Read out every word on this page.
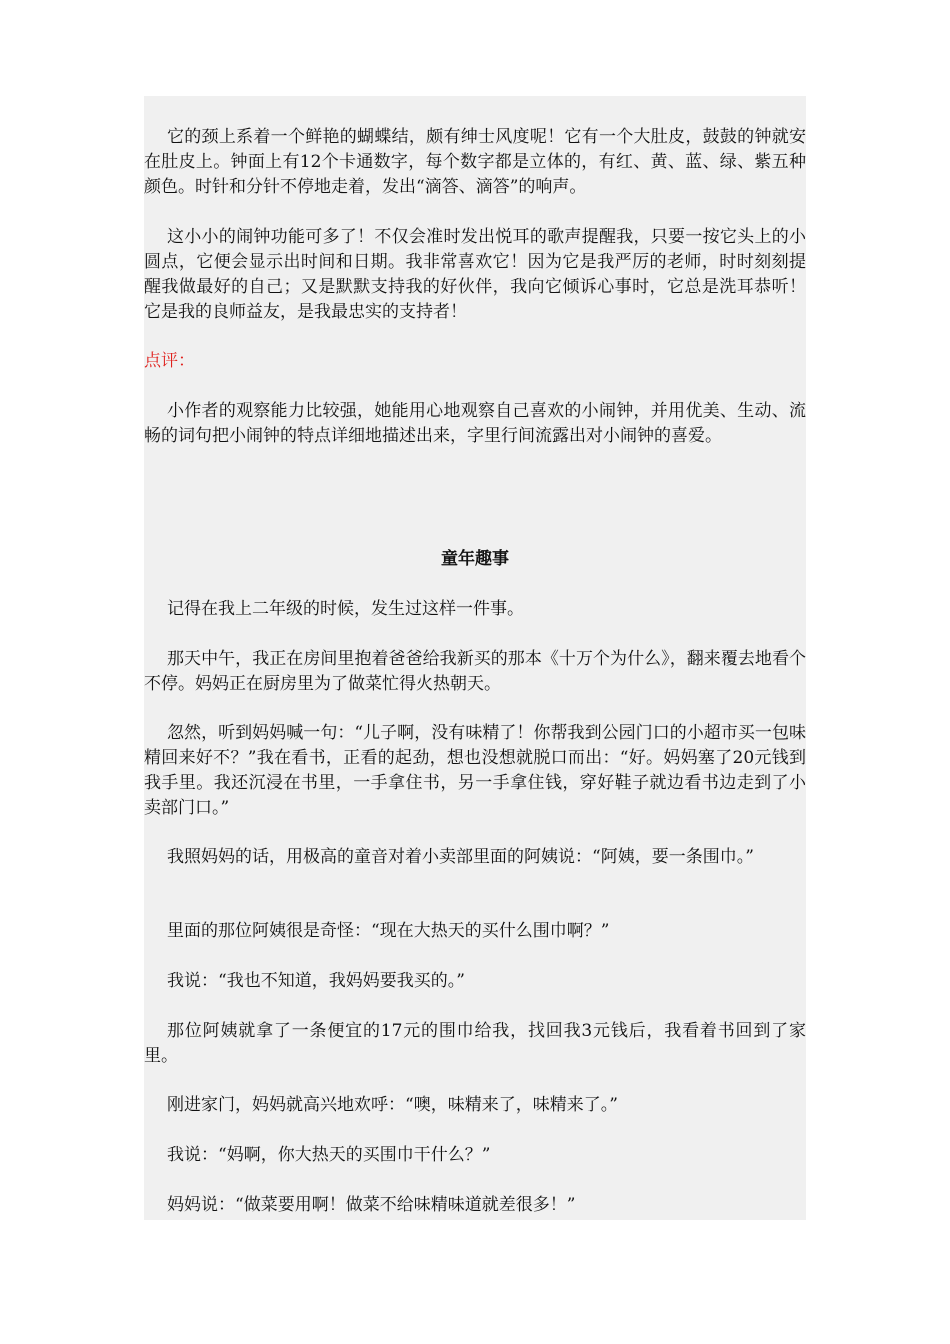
它的颈上系着一个鲜艳的蝴蝶结，颇有绅士风度呢！它有一个大肚皮，鼓鼓的钟就安在肚皮上。钟面上有12个卡通数字，每个数字都是立体的，有红、黄、蓝、绿、紫五种颜色。时针和分针不停地走着，发出“滴答、滴答”的响声。

这小小的闹钟功能可多了！不仅会准时发出悦耳的歌声提醒我，只要一按它头上的小圆点，它便会显示出时间和日期。我非常喜欢它！因为它是我严厉的老师，时时刻刻提醒我做最好的自己；又是默默支持我的好伙伴，我向它倾诉心事时，它总是洗耳恭听！它是我的良师益友，是我最忠实的支持者！

点评：

小作者的观察能力比较强，她能用心地观察自己喜欢的小闹钟，并用优美、生动、流畅的词句把小闹钟的特点详细地描述出来，字里行间流露出对小闹钟的喜爱。

童年趣事

记得在我上二年级的时候，发生过这样一件事。

那天中午，我正在房间里抱着爸爸给我新买的那本《十万个为什么》，翻来覆去地看个不停。妈妈正在厨房里为了做菜忙得火热朝天。

忽然，听到妈妈喊一句：“儿子啊，没有味精了！你帮我到公园门口的小超市买一包味精回来好不？”我在看书，正看的起劲，想也没想就脱口而出：“好。妈妈塞了20元钱到我手里。我还沉浸在书里，一手拿住书，另一手拿住钱，穿好鞋子就边看书边走到了小卖部门口。”

我照妈妈的话，用极高的童音对着小卖部里面的阿姨说：“阿姨，要一条围巾。”

里面的那位阿姨很是奇怪：“现在大热天的买什么围巾啊？”

我说：“我也不知道，我妈妈要我买的。”

那位阿姨就拿了一条便宜的17元的围巾给我，找回我3元钱后，我看着书回到了家里。

刚进家门，妈妈就高兴地欢呼：“噢，味精来了，味精来了。”

我说：“妈啊，你大热天的买围巾干什么？”

妈妈说：“做菜要用啊！做菜不给味精味道就差很多！”
